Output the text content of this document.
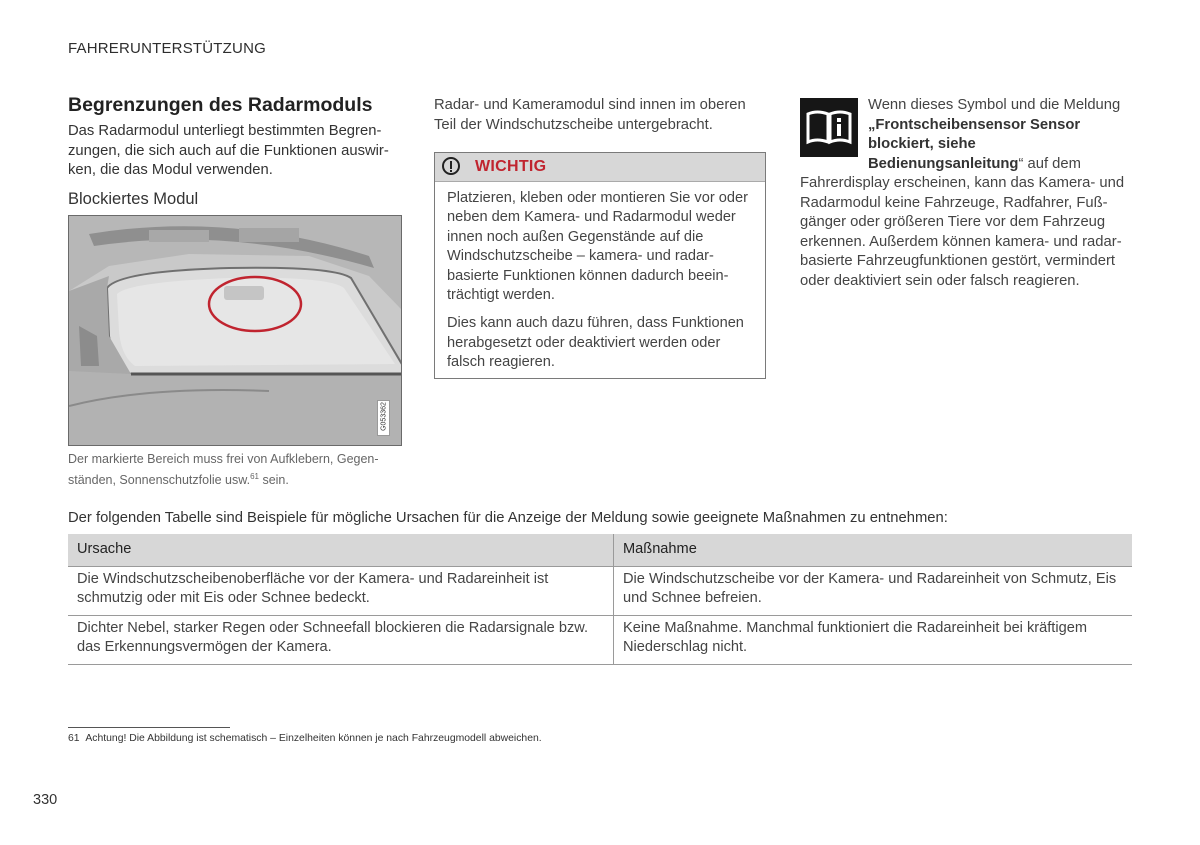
FAHRERUNTERSTÜTZUNG
Begrenzungen des Radarmoduls

Das Radarmodul unterliegt bestimmten Begrenzungen, die sich auch auf die Funktionen auswirken, die das Modul verwenden.

Blockiertes Modul
G053362
Der markierte Bereich muss frei von Aufklebern, Gegenständen, Sonnenschutzfolie usw.$^{61}$ sein.

Radar- und Kameramodul sind innen im oberen Teil der Windschutzscheibe untergebracht.

WICHTIG

Platzieren, kleben oder montieren Sie vor oder neben dem Kamera- und Radarmodul weder innen noch außen Gegenstände auf die Windschutzscheibe – kamera- und radarbasierte Funktionen können dadurch beeinträchtigt werden.

Dies kann auch dazu führen, dass Funktionen herabgesetzt oder deaktiviert werden oder falsch reagieren.

Wenn dieses Symbol und die Meldung „Frontscheibensensor Sensor blockiert, siehe Bedienungsanleitung“ auf dem
Fahrerdisplay erscheinen, kann das Kamera- und Radarmodul keine Fahrzeuge, Radfahrer, Fußgänger oder größeren Tiere vor dem Fahrzeug erkennen. Außerdem können kamera- und radarbasierte Fahrzeugfunktionen gestört, vermindert oder deaktiviert sein oder falsch reagieren.
Der folgenden Tabelle sind Beispiele für mögliche Ursachen für die Anzeige der Meldung sowie geeignete Maßnahmen zu entnehmen:
Ursache	Maßnahme
Die Windschutzscheibenoberfläche vor der Kamera- und Radareinheit ist schmutzig oder mit Eis oder Schnee bedeckt.	Die Windschutzscheibe vor der Kamera- und Radareinheit von Schmutz, Eis und Schnee befreien.
Dichter Nebel, starker Regen oder Schneefall blockieren die Radarsignale bzw. das Erkennungsvermögen der Kamera.	Keine Maßnahme. Manchmal funktioniert die Radareinheit bei kräftigem Niederschlag nicht.
61 Achtung! Die Abbildung ist schematisch – Einzelheiten können je nach Fahrzeugmodell abweichen.
330
